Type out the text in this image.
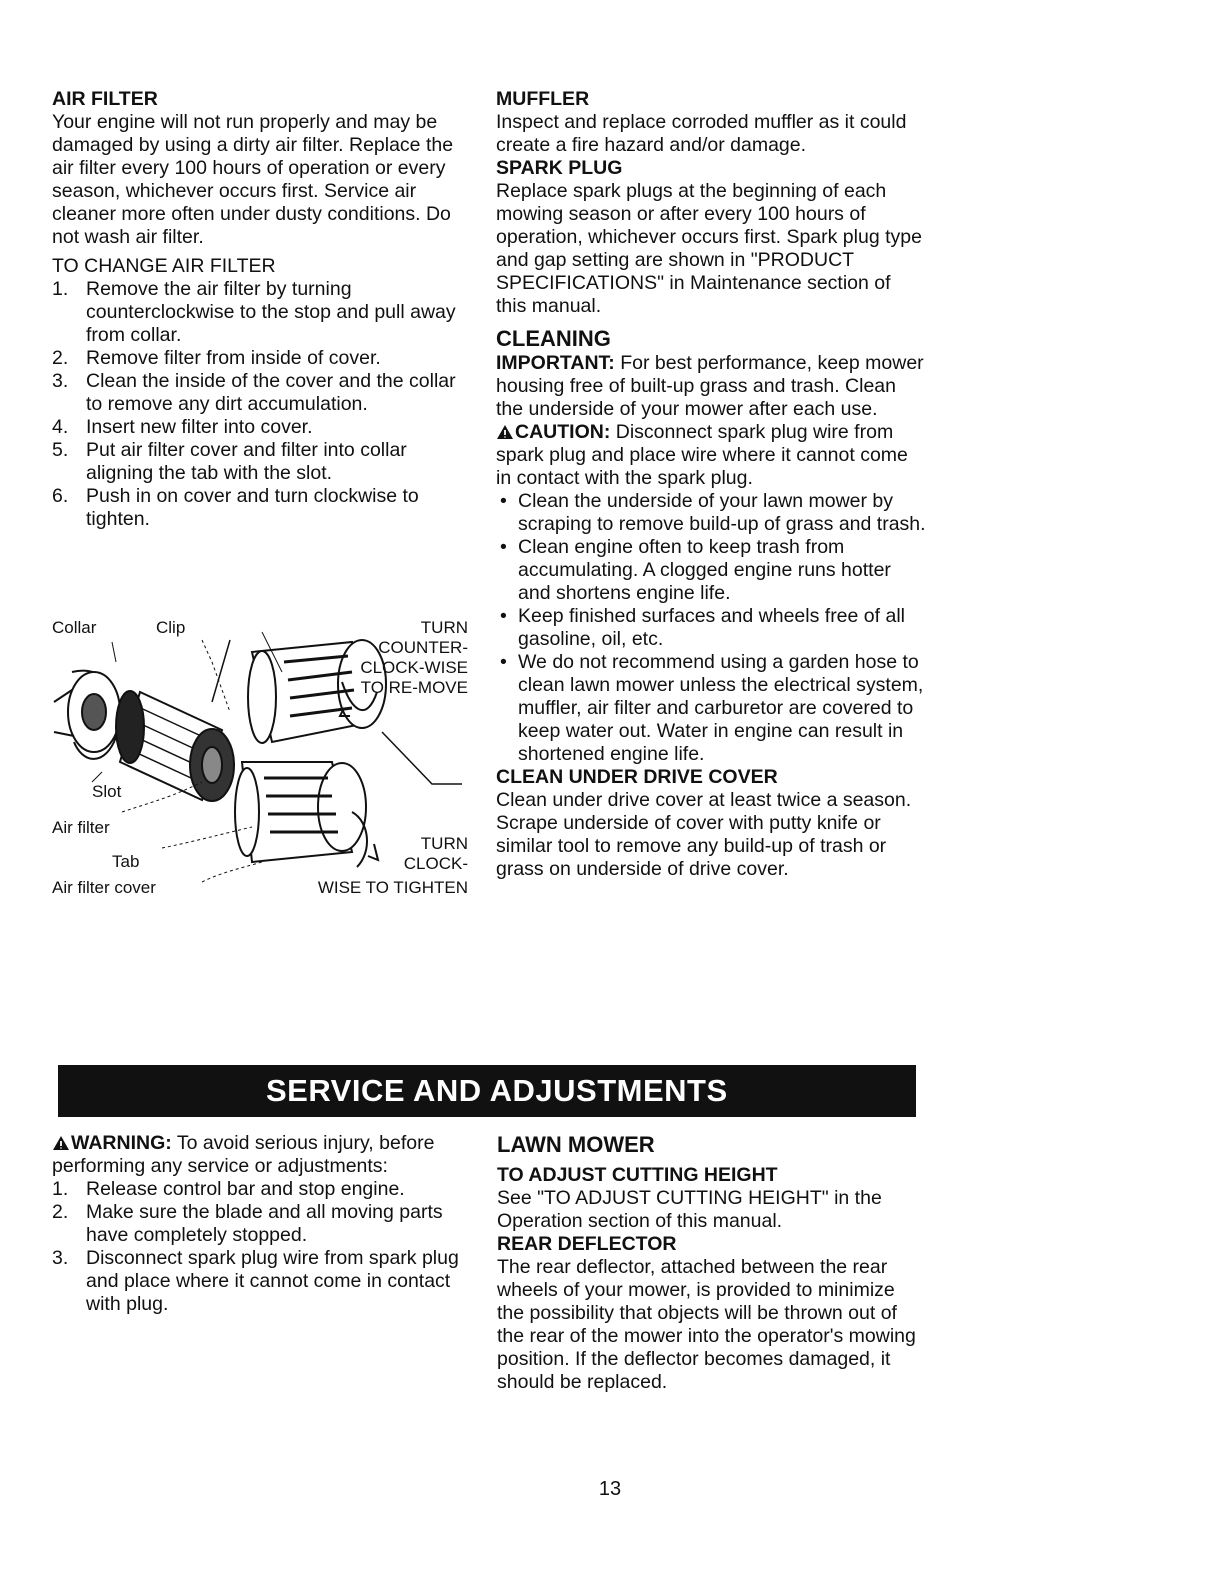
AIR FILTER

Your engine will not run properly and may be damaged by using a dirty air filter. Replace the air filter every 100 hours of operation or every season, whichever occurs first. Service air cleaner more often under dusty conditions. Do not wash air filter.

TO CHANGE AIR FILTER

1. Remove the air filter by turning counterclockwise to the stop and pull away from collar.
2. Remove filter from inside of cover.
3. Clean the inside of the cover and the collar to remove any dirt accumulation.
4. Insert new filter into cover.
5. Put air filter cover and filter into collar aligning the tab with the slot.
6. Push in on cover and turn clockwise to tighten.
Collar	Clip
Slot
Air filter
Tab
Air filter cover
TURN COUNTER-CLOCK-WISE TO RE-MOVE
TURN CLOCK-
WISE TO TIGHTEN

MUFFLER

Inspect and replace corroded muffler as it could create a fire hazard and/or damage.

SPARK PLUG

Replace spark plugs at the beginning of each mowing season or after every 100 hours of operation, whichever occurs first. Spark plug type and gap setting are shown in "PRODUCT SPECIFICATIONS" in Maintenance section of this manual.

CLEANING

IMPORTANT: For best performance, keep mower housing free of built-up grass and trash. Clean the underside of your mower after each use.

CAUTION: Disconnect spark plug wire from spark plug and place wire where it cannot come in contact with the spark plug.

• Clean the underside of your lawn mower by scraping to remove build-up of grass and trash.
• Clean engine often to keep trash from accumulating. A clogged engine runs hotter and shortens engine life.
• Keep finished surfaces and wheels free of all gasoline, oil, etc.
• We do not recommend using a garden hose to clean lawn mower unless the electrical system, muffler, air filter and carburetor are covered to keep water out. Water in engine can result in shortened engine life.

CLEAN UNDER DRIVE COVER

Clean under drive cover at least twice a season. Scrape underside of cover with putty knife or similar tool to remove any build-up of trash or grass on underside of drive cover.

SERVICE AND ADJUSTMENTS

WARNING: To avoid serious injury, before performing any service or adjustments:

1. Release control bar and stop engine.
2. Make sure the blade and all moving parts have completely stopped.
3. Disconnect spark plug wire from spark plug and place where it cannot come in contact with plug.

LAWN MOWER

TO ADJUST CUTTING HEIGHT

See "TO ADJUST CUTTING HEIGHT" in the Operation section of this manual.

REAR DEFLECTOR

The rear deflector, attached between the rear wheels of your mower, is provided to minimize the possibility that objects will be thrown out of the rear of the mower into the operator's mowing position. If the deflector becomes damaged, it should be replaced.

13
